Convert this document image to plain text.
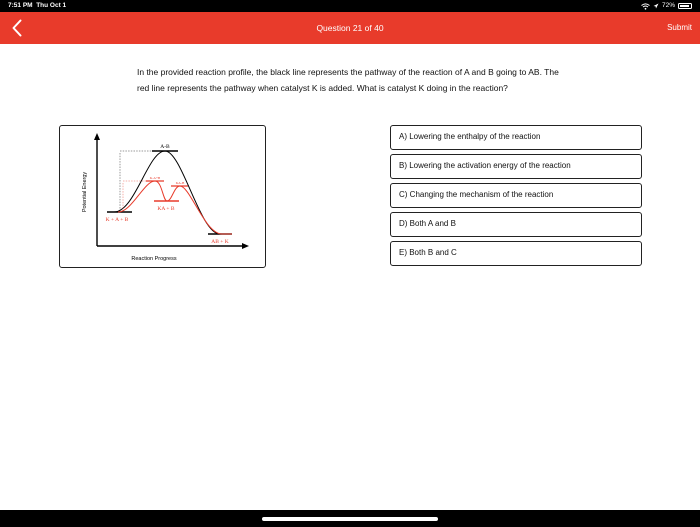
7:51 PM Thu Oct 1	72%
Question 21 of 40	Submit

In the provided reaction profile, the black line represents the pathway of the reaction of A and B going to AB. The red line represents the pathway when catalyst K is added. What is catalyst K doing in the reaction?

Potential Energy
Reaction Progress
A-B
KA + B
K + A + B
AB + K
K-A+B
KA-B
A) Lowering the enthalpy of the reaction
B) Lowering the activation energy of the reaction
C) Changing the mechanism of the reaction
D) Both A and B
E) Both B and C
